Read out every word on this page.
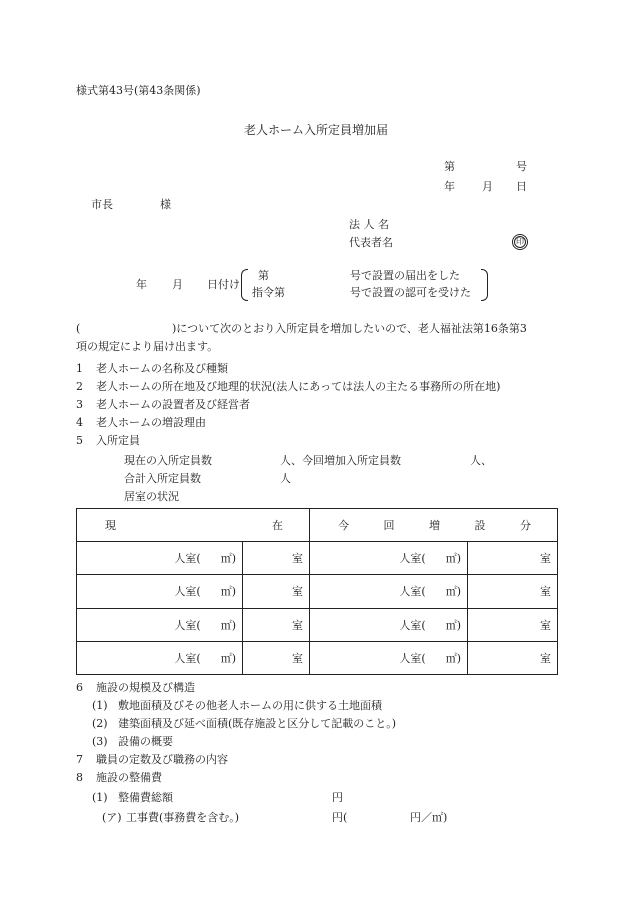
様式第43号(第43条関係)
老人ホーム入所定員増加届
第	号
年 月 日
市長	様
法 人 名
代表者名	印
年 月 日付け
第	号で設置の届出をした
指令第	号で設置の認可を受けた
(	)について次のとおり入所定員を増加したいので、老人福祉法第16条第3
項の規定により届け出ます。
1 老人ホームの名称及び種類
2 老人ホームの所在地及び地理的状況(法人にあっては法人の主たる事務所の所在地)
3 老人ホームの設置者及び経営者
4 老人ホームの増設理由
5 入所定員
現在の入所定員数	人、今回増加入所定員数	人、
合計入所定員数	人
居室の状況
現 在		今 回 増 設 分	

人室( ㎡)	室	人室( ㎡)	室

人室( ㎡)	室	人室( ㎡)	室

人室( ㎡)	室	人室( ㎡)	室

人室( ㎡)	室	人室( ㎡)	室
6 施設の規模及び構造
(1) 敷地面積及びその他老人ホームの用に供する土地面積
(2) 建築面積及び延べ面積(既存施設と区分して記載のこと。)
(3) 設備の概要
7 職員の定数及び職務の内容
8 施設の整備費
(1) 整備費総額	円
(ア) 工事費(事務費を含む。)	円(	円／㎡)
